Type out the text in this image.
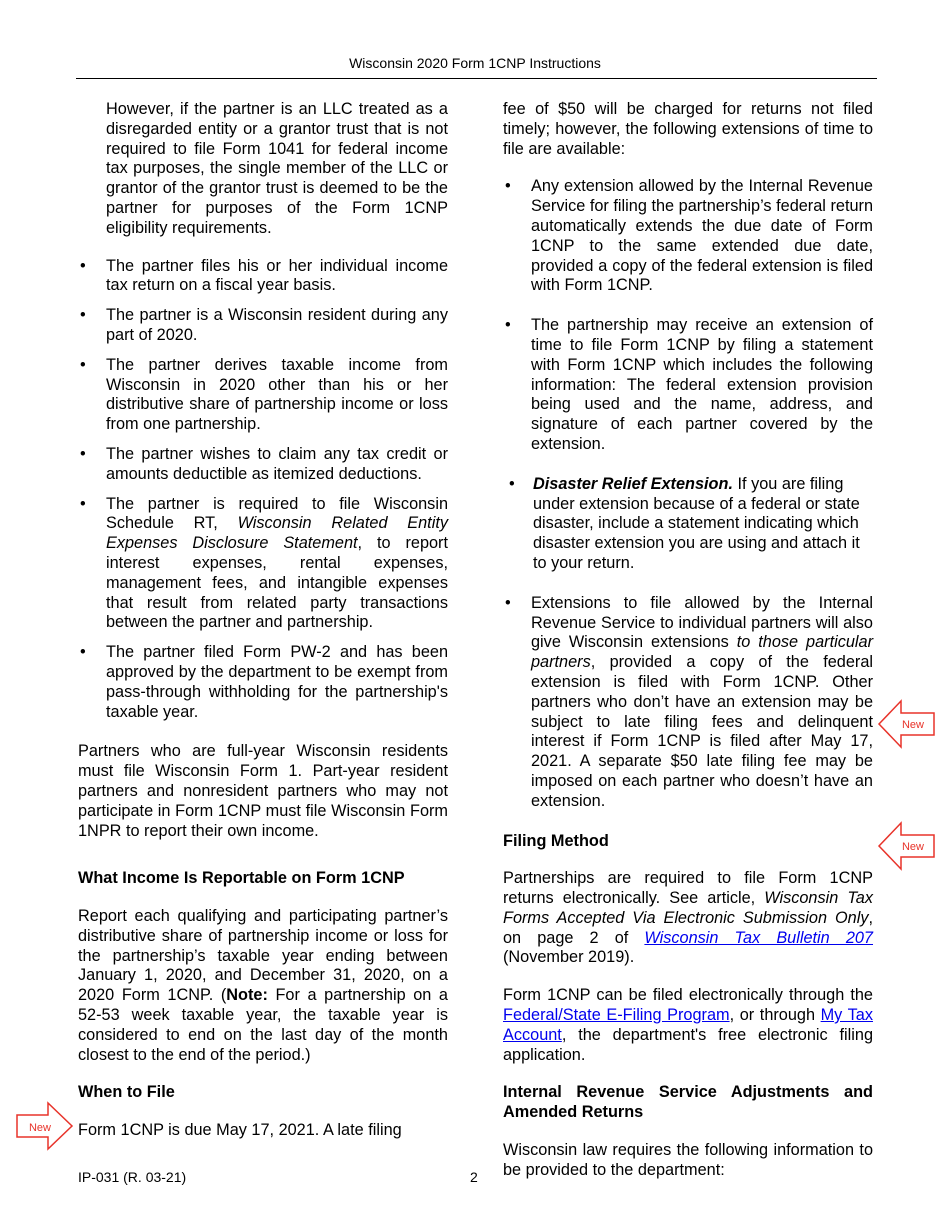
Wisconsin 2020 Form 1CNP Instructions

However, if the partner is an LLC treated as a disregarded entity or a grantor trust that is not required to file Form 1041 for federal income tax purposes, the single member of the LLC or grantor of the grantor trust is deemed to be the partner for purposes of the Form 1CNP eligibility requirements.

• The partner files his or her individual income tax return on a fiscal year basis.
• The partner is a Wisconsin resident during any part of 2020.
• The partner derives taxable income from Wisconsin in 2020 other than his or her distributive share of partnership income or loss from one partnership.
• The partner wishes to claim any tax credit or amounts deductible as itemized deductions.
• The partner is required to file Wisconsin Schedule RT, Wisconsin Related Entity Expenses Disclosure Statement, to report interest expenses, rental expenses, management fees, and intangible expenses that result from related party transactions between the partner and partnership.
• The partner filed Form PW-2 and has been approved by the department to be exempt from pass-through withholding for the partnership's taxable year.

Partners who are full-year Wisconsin residents must file Wisconsin Form 1. Part-year resident partners and nonresident partners who may not participate in Form 1CNP must file Wisconsin Form 1NPR to report their own income.

What Income Is Reportable on Form 1CNP

Report each qualifying and participating partner’s distributive share of partnership income or loss for the partnership’s taxable year ending between January 1, 2020, and December 31, 2020, on a 2020 Form 1CNP. (Note: For a partnership on a 52-53 week taxable year, the taxable year is considered to end on the last day of the month closest to the end of the period.)

When to File

Form 1CNP is due May 17, 2021. A late filing

fee of $50 will be charged for returns not filed timely; however, the following extensions of time to file are available:

• Any extension allowed by the Internal Revenue Service for filing the partnership’s federal return automatically extends the due date of Form 1CNP to the same extended due date, provided a copy of the federal extension is filed with Form 1CNP.
• The partnership may receive an extension of time to file Form 1CNP by filing a statement with Form 1CNP which includes the following information: The federal extension provision being used and the name, address, and signature of each partner covered by the extension.
• Disaster Relief Extension. If you are filing under extension because of a federal or state disaster, include a statement indicating which disaster extension you are using and attach it to your return.
• Extensions to file allowed by the Internal Revenue Service to individual partners will also give Wisconsin extensions to those particular partners, provided a copy of the federal extension is filed with Form 1CNP. Other partners who don’t have an extension may be subject to late filing fees and delinquent interest if Form 1CNP is filed after May 17, 2021. A separate $50 late filing fee may be imposed on each partner who doesn’t have an extension.
Filing Method

Partnerships are required to file Form 1CNP returns electronically. See article, Wisconsin Tax Forms Accepted Via Electronic Submission Only, on page 2 of Wisconsin Tax Bulletin 207 (November 2019).

Form 1CNP can be filed electronically through the Federal/State E-Filing Program, or through My Tax Account, the department's free electronic filing application.

Internal Revenue Service Adjustments and Amended Returns

Wisconsin law requires the following information to be provided to the department:

New
New
New
IP-031 (R. 03-21)	2
